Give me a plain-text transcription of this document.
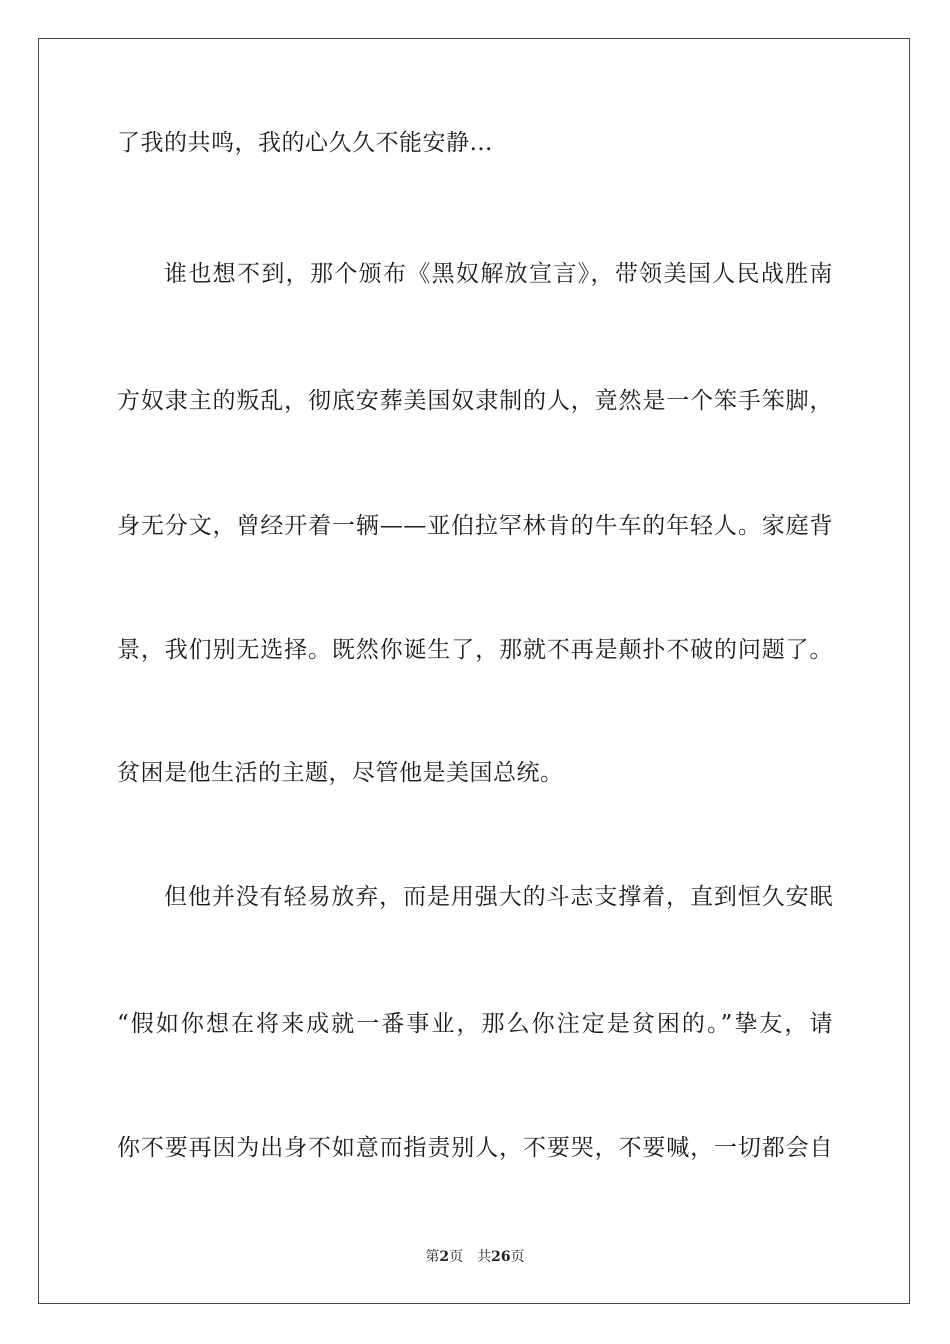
了我的共鸣，我的心久久不能安静…
谁也想不到，那个颁布《黑奴解放宣言》，带领美国人民战胜南
方奴隶主的叛乱，彻底安葬美国奴隶制的人，竟然是一个笨手笨脚，
身无分文，曾经开着一辆——亚伯拉罕林肯的牛车的年轻人。家庭背
景，我们别无选择。既然你诞生了，那就不再是颠扑不破的问题了。
贫困是他生活的主题，尽管他是美国总统。
但他并没有轻易放弃，而是用强大的斗志支撑着，直到恒久安眠
“假如你想在将来成就一番事业，那么你注定是贫困的。”挚友，请
你不要再因为出身不如意而指责别人，不要哭，不要喊，一切都会自
第2页 共26页
